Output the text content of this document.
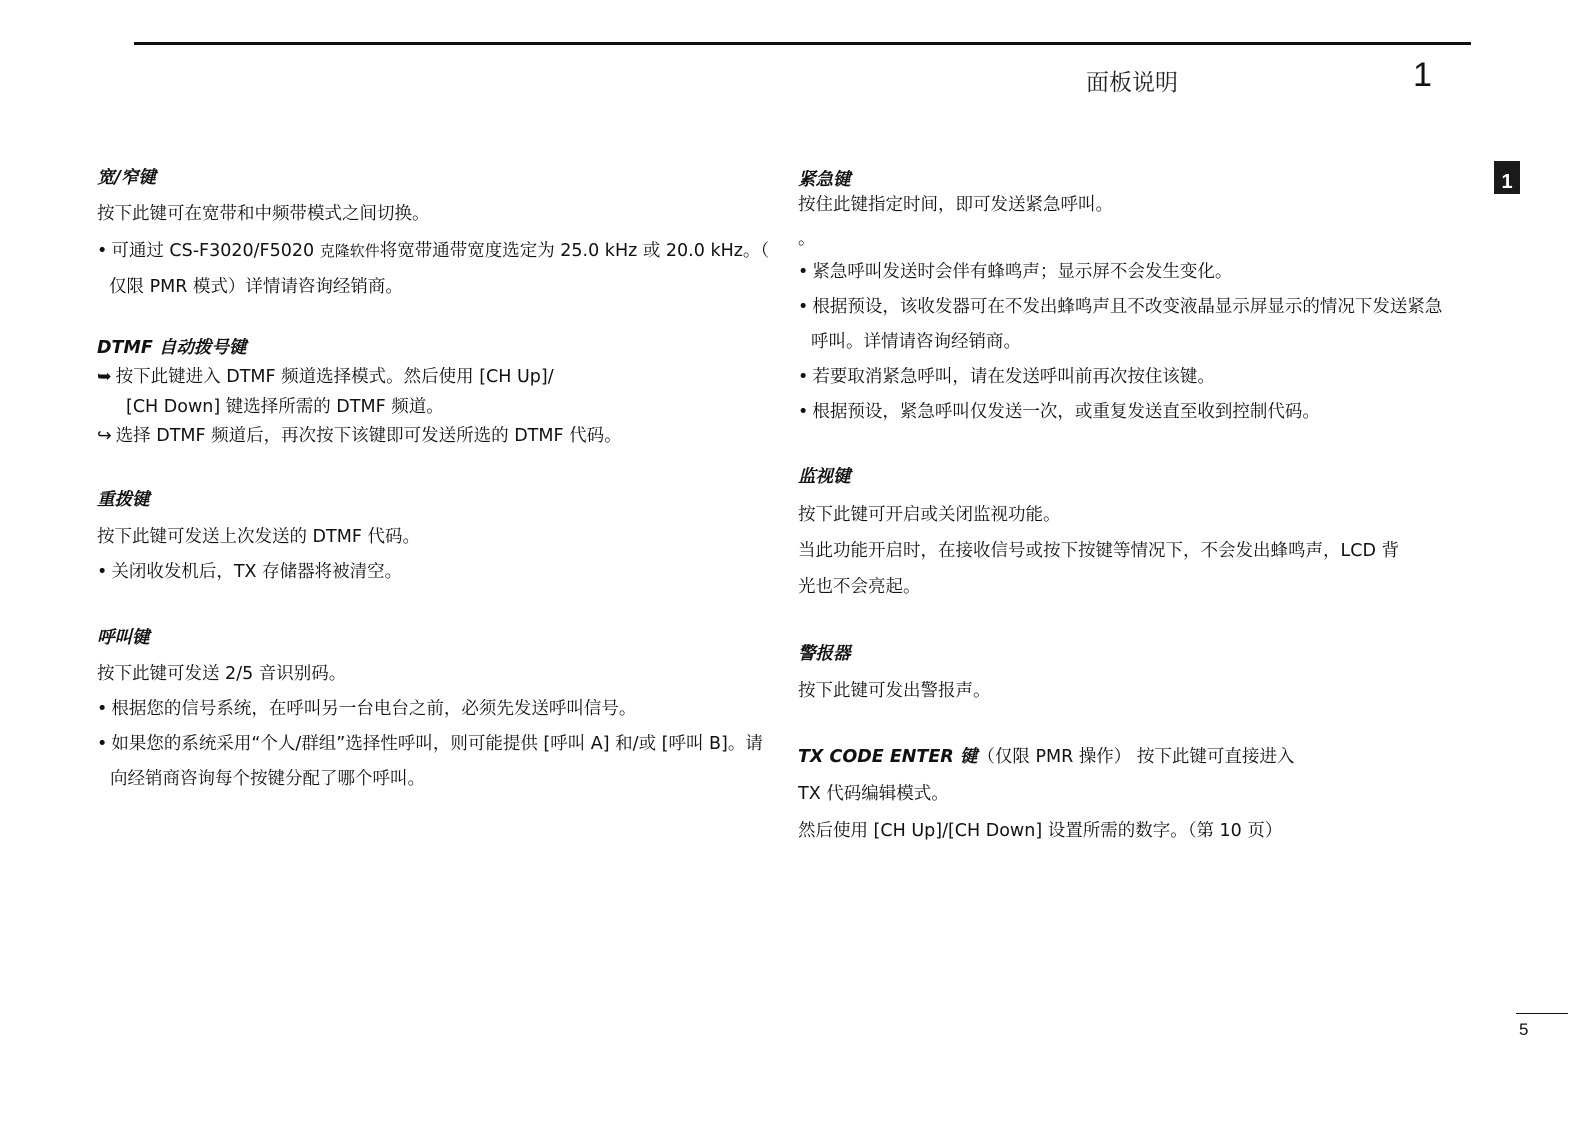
面板说明	1
1
宽/窄键
按下此键可在宽带和中频带模式之间切换。
• 可通过 CS-F3020/F5020 克隆软件将宽带通带宽度选定为 25.0 kHz 或 20.0 kHz。（
仅限 PMR 模式）详情请咨询经销商。
DTMF 自动拨号键
➥ 按下此键进入 DTMF 频道选择模式。然后使用 [CH Up]/
[CH Down] 键选择所需的 DTMF 频道。
↪ 选择 DTMF 频道后，再次按下该键即可发送所选的 DTMF 代码。
重拨键
按下此键可发送上次发送的 DTMF 代码。
• 关闭收发机后，TX 存储器将被清空。
呼叫键
按下此键可发送 2/5 音识别码。
• 根据您的信号系统，在呼叫另一台电台之前，必须先发送呼叫信号。
• 如果您的系统采用“个人/群组”选择性呼叫，则可能提供 [呼叫 A] 和/或 [呼叫 B]。请
向经销商咨询每个按键分配了哪个呼叫。
紧急键
按住此键指定时间，即可发送紧急呼叫。
。
• 紧急呼叫发送时会伴有蜂鸣声；显示屏不会发生变化。
• 根据预设，该收发器可在不发出蜂鸣声且不改变液晶显示屏显示的情况下发送紧急
呼叫。详情请咨询经销商。
• 若要取消紧急呼叫，请在发送呼叫前再次按住该键。
• 根据预设，紧急呼叫仅发送一次，或重复发送直至收到控制代码。
监视键
按下此键可开启或关闭监视功能。
当此功能开启时，在接收信号或按下按键等情况下，不会发出蜂鸣声，LCD 背
光也不会亮起。
警报器
按下此键可发出警报声。
TX CODE ENTER 键（仅限 PMR 操作） 按下此键可直接进入
TX 代码编辑模式。
然后使用 [CH Up]/[CH Down] 设置所需的数字。（第 10 页）
5
